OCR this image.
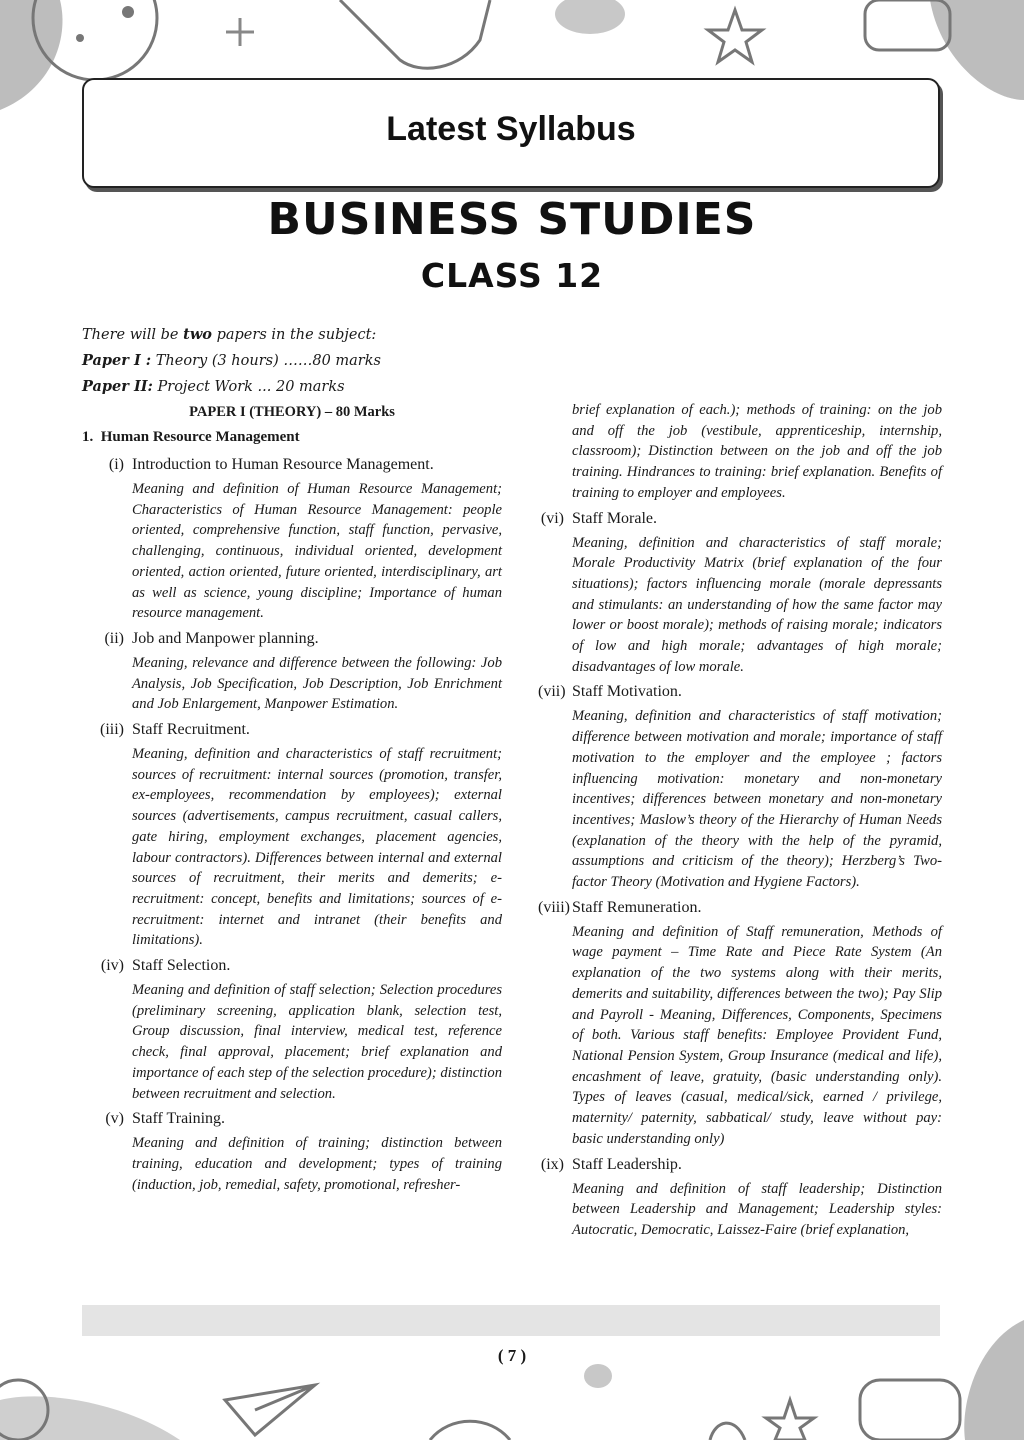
Latest Syllabus
BUSINESS STUDIES
CLASS 12
There will be two papers in the subject:
Paper I : Theory (3 hours) ……80 marks
Paper II: Project Work ... 20 marks
PAPER I (THEORY) – 80 Marks
1. Human Resource Management
(i) Introduction to Human Resource Management.
Meaning and definition of Human Resource Management; Characteristics of Human Resource Management: people oriented, comprehensive function, staff function, pervasive, challenging, continuous, individual oriented, development oriented, action oriented, future oriented, interdisciplinary, art as well as science, young discipline; Importance of human resource management.
(ii) Job and Manpower planning.
Meaning, relevance and difference between the following: Job Analysis, Job Specification, Job Description, Job Enrichment and Job Enlargement, Manpower Estimation.
(iii) Staff Recruitment.
Meaning, definition and characteristics of staff recruitment; sources of recruitment: internal sources (promotion, transfer, ex-employees, recommendation by employees); external sources (advertisements, campus recruitment, casual callers, gate hiring, employment exchanges, placement agencies, labour contractors). Differences between internal and external sources of recruitment, their merits and demerits; e-recruitment: concept, benefits and limitations; sources of e-recruitment: internet and intranet (their benefits and limitations).
(iv) Staff Selection.
Meaning and definition of staff selection; Selection procedures (preliminary screening, application blank, selection test, Group discussion, final interview, medical test, reference check, final approval, placement; brief explanation and importance of each step of the selection procedure); distinction between recruitment and selection.
(v) Staff Training.
Meaning and definition of training; distinction between training, education and development; types of training (induction, job, remedial, safety, promotional, refresher-
brief explanation of each.); methods of training: on the job and off the job (vestibule, apprenticeship, internship, classroom); Distinction between on the job and off the job training. Hindrances to training: brief explanation. Benefits of training to employer and employees.
(vi) Staff Morale.
Meaning, definition and characteristics of staff morale; Morale Productivity Matrix (brief explanation of the four situations); factors influencing morale (morale depressants and stimulants: an understanding of how the same factor may lower or boost morale); methods of raising morale; indicators of low and high morale; advantages of high morale; disadvantages of low morale.
(vii) Staff Motivation.
Meaning, definition and characteristics of staff motivation; difference between motivation and morale; importance of staff motivation to the employer and the employee ; factors influencing motivation: monetary and non-monetary incentives; differences between monetary and non-monetary incentives; Maslow’s theory of the Hierarchy of Human Needs (explanation of the theory with the help of the pyramid, assumptions and criticism of the theory); Herzberg’s Two-factor Theory (Motivation and Hygiene Factors).
(viii) Staff Remuneration.
Meaning and definition of Staff remuneration, Methods of wage payment – Time Rate and Piece Rate System (An explanation of the two systems along with their merits, demerits and suitability, differences between the two); Pay Slip and Payroll - Meaning, Differences, Components, Specimens of both. Various staff benefits: Employee Provident Fund, National Pension System, Group Insurance (medical and life), encashment of leave, gratuity, (basic understanding only). Types of leaves (casual, medical/sick, earned / privilege, maternity/ paternity, sabbatical/ study, leave without pay: basic understanding only)
(ix) Staff Leadership.
Meaning and definition of staff leadership; Distinction between Leadership and Management; Leadership styles: Autocratic, Democratic, Laissez-Faire (brief explanation,
( 7 )
